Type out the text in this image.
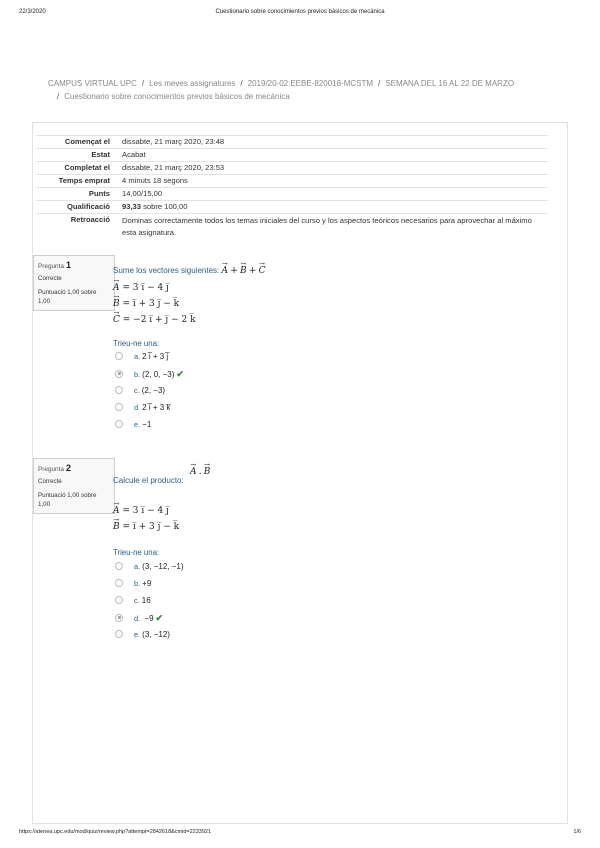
22/3/2020	Cuestionario sobre conocimientos previos básicos de mecánica
https://atenea.upc.edu/mod/quiz/review.php?attempt=2842618&cmid=2233921	1/6
CAMPUS VIRTUAL UPC / Les meves assignatures / 2019/20-02:EEBE-820018-MCSTM / SEMANA DEL 16 AL 22 DE MARZO
/ Cuestionario sobre conocimientos previos básicos de mecánica
Començat el	dissabte, 21 març 2020, 23:48
Estat	Acabat
Completat el	dissabte, 21 març 2020, 23:53
Temps emprat	4 minuts 18 segons
Punts	14,00/15,00
Qualificació	93,33 sobre 100,00
Retroacció	Dominas correctamente todos los temas iniciales del curso y los aspectos teóricos necesarios para aprovechar al máximo esta asignatura.
Pregunta 1
Correcte
Puntuació 1,00 sobre 1,00
Sume los vectores siguientes:
→
A +
→
B +
→
C
→
A = 3 i̅ − 4 j̅
→
B = i̅ + 3 j̅ − k̅
→
C = −2 i̅ + j̅ − 2 k̅
Trieu-ne una:
a. 2 i̅ + 3 j̅
b. (2, 0, −3) ✔
c. (2, −3)
d. 2 i̅ + 3 k̅
e. −1
Pregunta 2
Correcte
Puntuació 1,00 sobre 1,00
Calcule el producto:
→
A .
→
B
→
A = 3 i̅ − 4 j̅
→
B = i̅ + 3 j̅ − k̅
Trieu-ne una:
a. (3, −12, −1)
b. +9
c. 16
d. −9 ✔
e. (3, −12)
